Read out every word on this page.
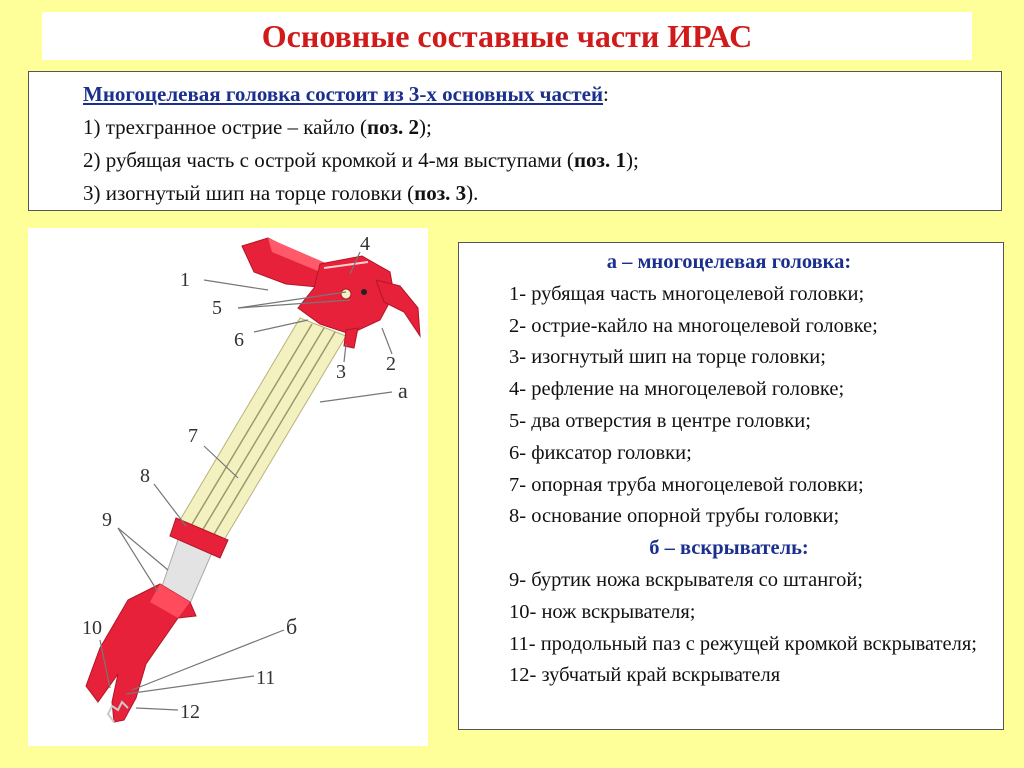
Основные составные части ИРАС
Многоцелевая головка состоит из 3-х основных частей:
1) трехгранное острие – кайло (поз. 2);
2) рубящая часть с острой кромкой и 4-мя выступами (поз. 1);
3) изогнутый шип на торце головки (поз. 3).
1
4
5
6
2
3
а
7
8
9
10	б
11
12
а – многоцелевая головка:
1- рубящая часть многоцелевой головки;
2- острие-кайло на многоцелевой головке;
3- изогнутый шип на торце головки;
4- рефление на многоцелевой головке;
5- два отверстия в центре головки;
6- фиксатор головки;
7- опорная труба многоцелевой головки;
8- основание опорной трубы головки;
б – вскрыватель:
9- буртик ножа вскрывателя со штангой;
10- нож вскрывателя;
11- продольный паз с режущей кромкой вскрывателя;
12- зубчатый край вскрывателя
